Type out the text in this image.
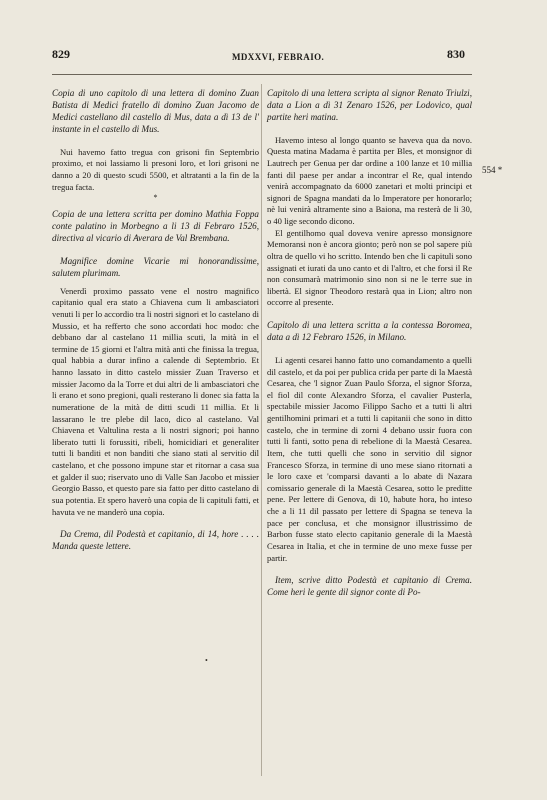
829	MDXXVI, FEBRAIO.	830
554 *
•

Copia di uno capitolo di una lettera di domino Zuan Batista di Medici fratello di domino Zuan Jacomo de Medici castellano dil castello di Mus, data a dì 13 de l' instante in el castello di Mus.

Nui havemo fatto tregua con grisoni fin Septembrio proximo, et noi lassiamo li presoni loro, et lori grisoni ne danno a 20 di questo scudi 5500, et altratanti a la fin de la tregua facta.

*

Copia de una lettera scritta per domino Mathia Foppa conte palatino in Morbegno a li 13 di Febraro 1526, directiva al vicario di Averara de Val Brembana.

Magnifice domine Vicarie mi honorandissime, salutem plurimam.

Venerdì proximo passato vene el nostro magnifico capitanio qual era stato a Chiavena cum li ambasciatori venuti li per lo accordio tra li nostri signori et lo castelano di Mussio, et ha refferto che sono accordati hoc modo: che debbano dar al castelano 11 millia scuti, la mità in el termine de 15 giorni et l'altra mità anti che finissa la tregua, qual habbia a durar infino a calende di Septembrio. Et hanno lassato in ditto castelo missier Zuan Traverso et missier Jacomo da la Torre et dui altri de li ambasciatori che li erano et sono pregioni, quali resterano li donec sia fatta la numeratione de la mità de ditti scudi 11 millia. Et li lassarano le tre plebe dil laco, dico al castelano. Val Chiavena et Valtulina resta a li nostri signori; poi hanno liberato tutti li forussiti, ribeli, homicidiari et generaliter tutti li banditi et non banditi che siano stati al servitio dil castelano, et che possono impune star et ritornar a casa sua et galder il suo; riservato uno di Valle San Jacobo et missier Georgio Basso, et questo pare sia fatto per ditto castelano di sua potentia. Et spero haverò una copia de li capituli fatti, et havuta ve ne manderò una copia.

Da Crema, dil Podestà et capitanio, di 14, hore . . . . Manda queste lettere.

Capitolo di una lettera scripta al signor Renato Triulzi, data a Lion a dì 31 Zenaro 1526, per Lodovico, qual partite heri matina.

Havemo inteso al longo quanto se haveva qua da novo. Questa matina Madama è partita per Bles, et monsignor di Lautrech per Genua per dar ordine a 100 lanze et 10 millia fanti dil paese per andar a incontrar el Re, qual intendo venirà accompagnato da 6000 zanetari et molti principi et signori de Spagna mandati da lo Imperatore per honorarlo; nè lui venirà altramente sino a Baiona, ma resterà de li 30, o 40 lige secondo dicono.

El gentilhomo qual doveva venire apresso monsignore Memoransi non è ancora gionto; però non se pol sapere più oltra de quello vi ho scritto. Intendo ben che li capituli sono assignati et iurati da uno canto et di l'altro, et che forsi il Re non consumarà matrimonio sino non si ne le terre sue in libertà. El signor Theodoro restarà qua in Lion; altro non occorre al presente.

Capitolo di una lettera scritta a la contessa Boromea, data a dì 12 Febraro 1526, in Milano.

Li agenti cesarei hanno fatto uno comandamento a quelli dil castelo, et da poi per publica crida per parte di la Maestà Cesarea, che 'l signor Zuan Paulo Sforza, el signor Sforza, el fiol dil conte Alexandro Sforza, el cavalier Pusterla, spectabile missier Jacomo Filippo Sacho et a tutti li altri gentilhomini primari et a tutti li capitanii che sono in ditto castelo, che in termine di zorni 4 debano ussir fuora con tutti li fanti, sotto pena di rebelione di la Maestà Cesarea. Item, che tutti quelli che sono in servitio dil signor Francesco Sforza, in termine di uno mese siano ritornati a le loro caxe et 'comparsi davanti a lo abate di Nazara comissario generale di la Maestà Cesarea, sotto le preditte pene. Per lettere di Genova, di 10, habute hora, ho inteso che a li 11 dil passato per lettere di Spagna se teneva la pace per conclusa, et che monsignor illustrissimo de Barbon fusse stato electo capitanio generale di la Maestà Cesarea in Italia, et che in termine de uno mexe fusse per partir.

Item, scrive ditto Podestà et capitanio di Crema. Come heri le gente dil signor conte di Po-
